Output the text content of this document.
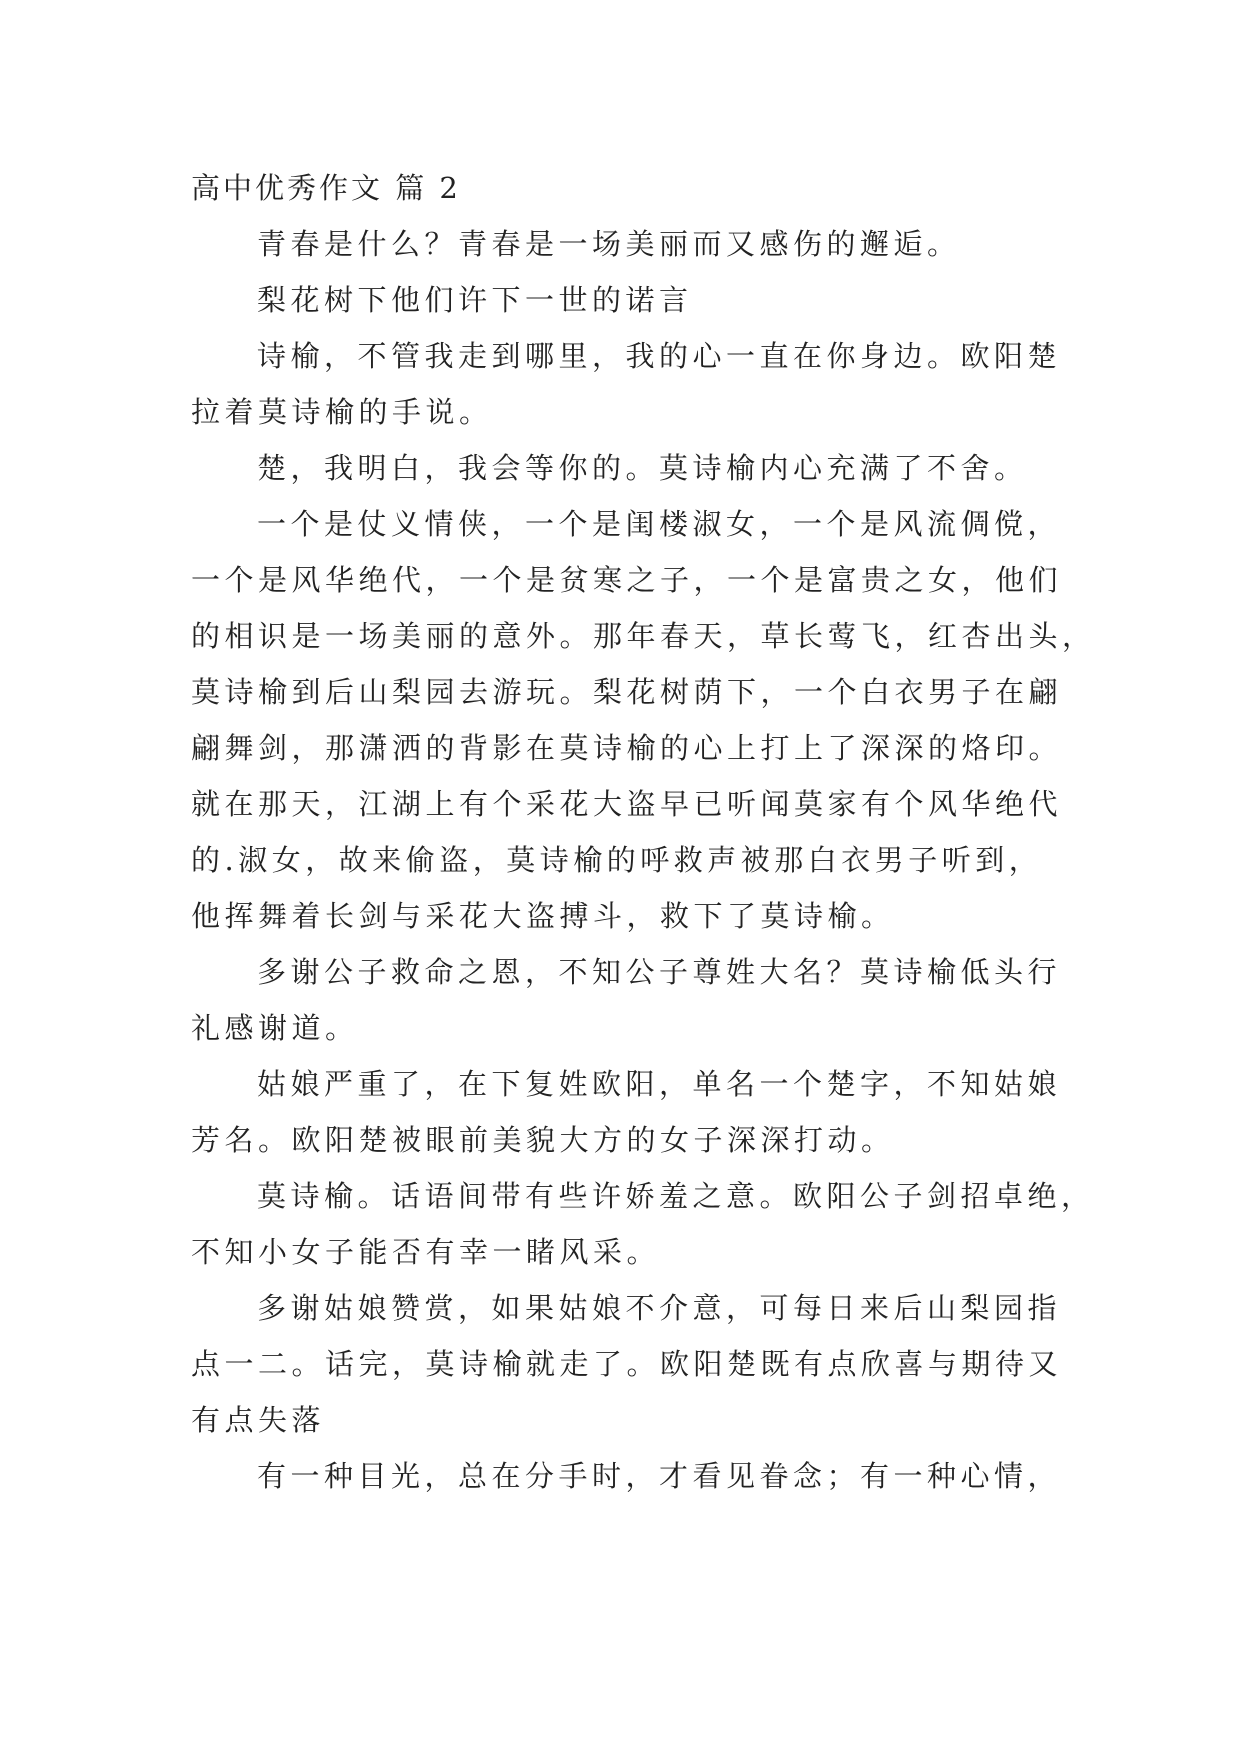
高中优秀作文 篇 2
青春是什么？青春是一场美丽而又感伤的邂逅。
梨花树下他们许下一世的诺言
诗榆，不管我走到哪里，我的心一直在你身边。欧阳楚
拉着莫诗榆的手说。
楚，我明白，我会等你的。莫诗榆内心充满了不舍。
一个是仗义情侠，一个是闺楼淑女，一个是风流倜傥，
一个是风华绝代，一个是贫寒之子，一个是富贵之女，他们
的相识是一场美丽的意外。那年春天，草长莺飞，红杏出头，
莫诗榆到后山梨园去游玩。梨花树荫下，一个白衣男子在翩
翩舞剑，那潇洒的背影在莫诗榆的心上打上了深深的烙印。
就在那天，江湖上有个采花大盗早已听闻莫家有个风华绝代
的.淑女，故来偷盗，莫诗榆的呼救声被那白衣男子听到，
他挥舞着长剑与采花大盗搏斗，救下了莫诗榆。
多谢公子救命之恩，不知公子尊姓大名？莫诗榆低头行
礼感谢道。
姑娘严重了，在下复姓欧阳，单名一个楚字，不知姑娘
芳名。欧阳楚被眼前美貌大方的女子深深打动。
莫诗榆。话语间带有些许娇羞之意。欧阳公子剑招卓绝，
不知小女子能否有幸一睹风采。
多谢姑娘赞赏，如果姑娘不介意，可每日来后山梨园指
点一二。话完，莫诗榆就走了。欧阳楚既有点欣喜与期待又
有点失落
有一种目光，总在分手时，才看见眷念；有一种心情，
